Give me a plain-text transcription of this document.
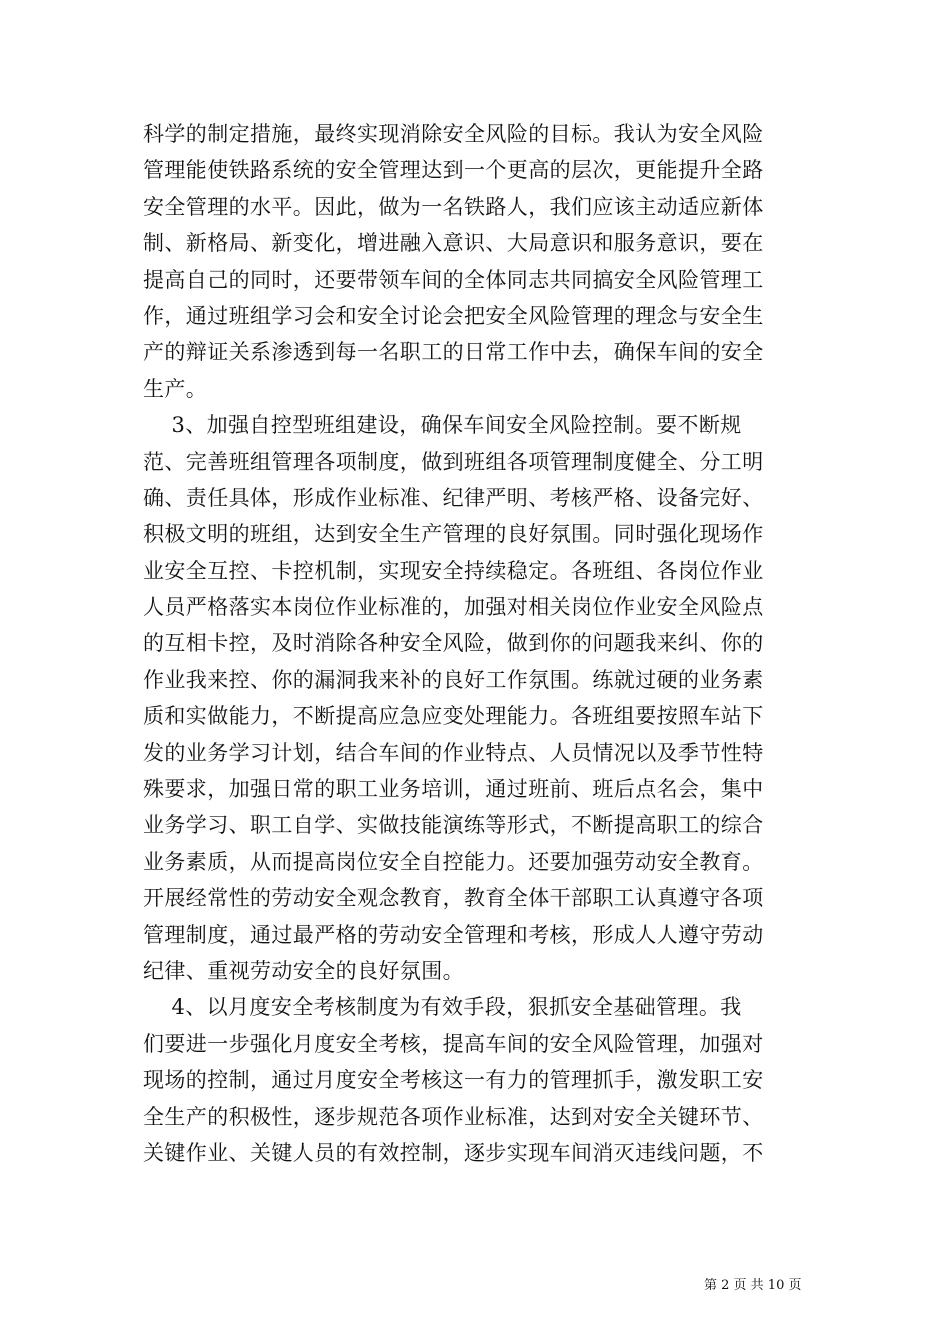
科学的制定措施，最终实现消除安全风险的目标。我认为安全风险
管理能使铁路系统的安全管理达到一个更高的层次，更能提升全路
安全管理的水平。因此，做为一名铁路人，我们应该主动适应新体
制、新格局、新变化，增进融入意识、大局意识和服务意识，要在
提高自己的同时，还要带领车间的全体同志共同搞安全风险管理工
作，通过班组学习会和安全讨论会把安全风险管理的理念与安全生
产的辩证关系渗透到每一名职工的日常工作中去，确保车间的安全
生产。
　 3、加强自控型班组建设，确保车间安全风险控制。要不断规
范、完善班组管理各项制度，做到班组各项管理制度健全、分工明
确、责任具体，形成作业标准、纪律严明、考核严格、设备完好、
积极文明的班组，达到安全生产管理的良好氛围。同时强化现场作
业安全互控、卡控机制，实现安全持续稳定。各班组、各岗位作业
人员严格落实本岗位作业标准的，加强对相关岗位作业安全风险点
的互相卡控，及时消除各种安全风险，做到你的问题我来纠、你的
作业我来控、你的漏洞我来补的良好工作氛围。练就过硬的业务素
质和实做能力，不断提高应急应变处理能力。各班组要按照车站下
发的业务学习计划，结合车间的作业特点、人员情况以及季节性特
殊要求，加强日常的职工业务培训，通过班前、班后点名会，集中
业务学习、职工自学、实做技能演练等形式，不断提高职工的综合
业务素质，从而提高岗位安全自控能力。还要加强劳动安全教育。
开展经常性的劳动安全观念教育，教育全体干部职工认真遵守各项
管理制度，通过最严格的劳动安全管理和考核，形成人人遵守劳动
纪律、重视劳动安全的良好氛围。
　 4、以月度安全考核制度为有效手段，狠抓安全基础管理。我
们要进一步强化月度安全考核，提高车间的安全风险管理，加强对
现场的控制，通过月度安全考核这一有力的管理抓手，激发职工安
全生产的积极性，逐步规范各项作业标准，达到对安全关键环节、
关键作业、关键人员的有效控制，逐步实现车间消灭违线问题，不
第 2 页 共 10 页
